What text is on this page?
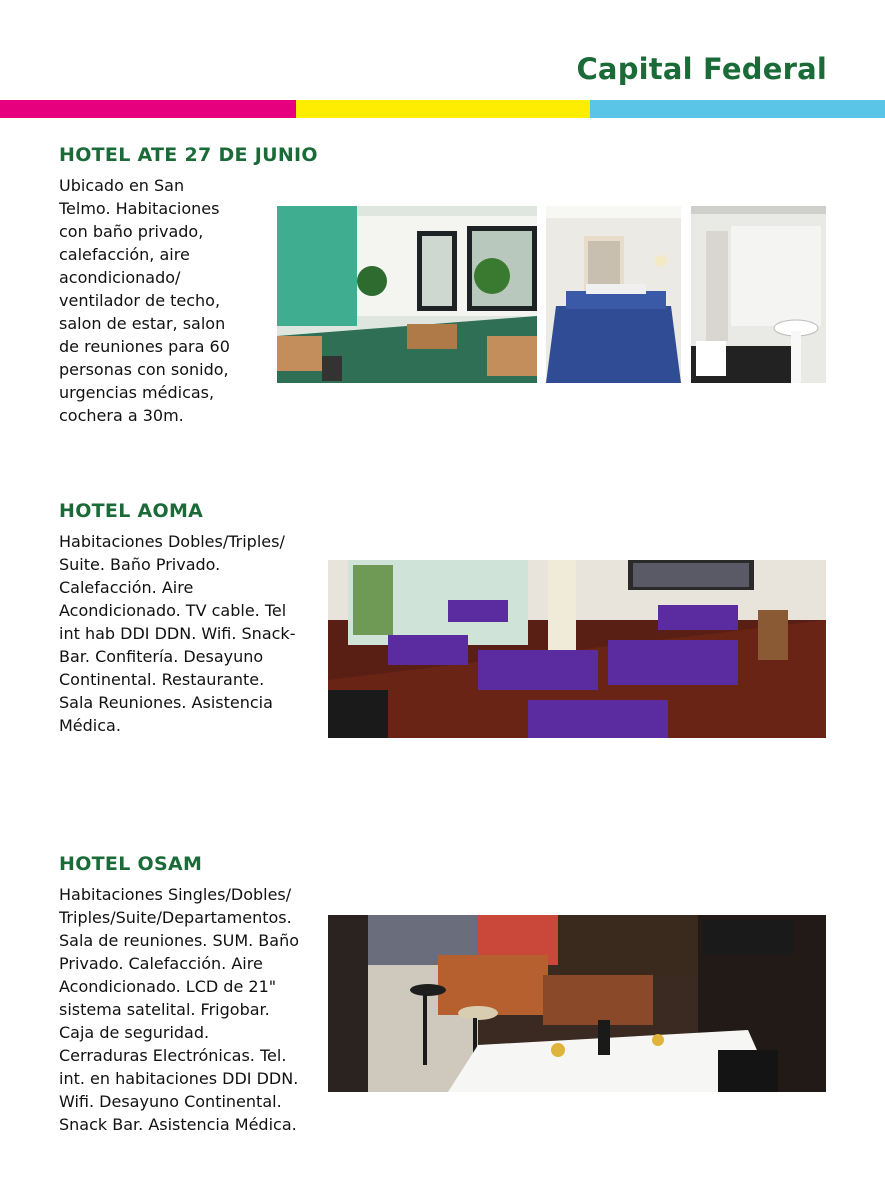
Capital Federal
HOTEL ATE 27 DE JUNIO
Ubicado en San
Telmo. Habitaciones
con baño privado,
calefacción, aire
acondicionado/
ventilador de techo,
salon de estar, salon
de reuniones para 60
personas con sonido,
urgencias médicas,
cochera a 30m.
HOTEL AOMA
Habitaciones Dobles/Triples/
Suite. Baño Privado.
Calefacción. Aire
Acondicionado. TV cable. Tel
int hab DDI DDN. Wifi. Snack-
Bar. Confitería. Desayuno
Continental. Restaurante.
Sala Reuniones. Asistencia
Médica.
HOTEL OSAM
Habitaciones Singles/Dobles/
Triples/Suite/Departamentos.
Sala de reuniones. SUM. Baño
Privado. Calefacción. Aire
Acondicionado. LCD de 21"
sistema satelital. Frigobar.
Caja de seguridad.
Cerraduras Electrónicas. Tel.
int. en habitaciones DDI DDN.
Wifi. Desayuno Continental.
Snack Bar. Asistencia Médica.
